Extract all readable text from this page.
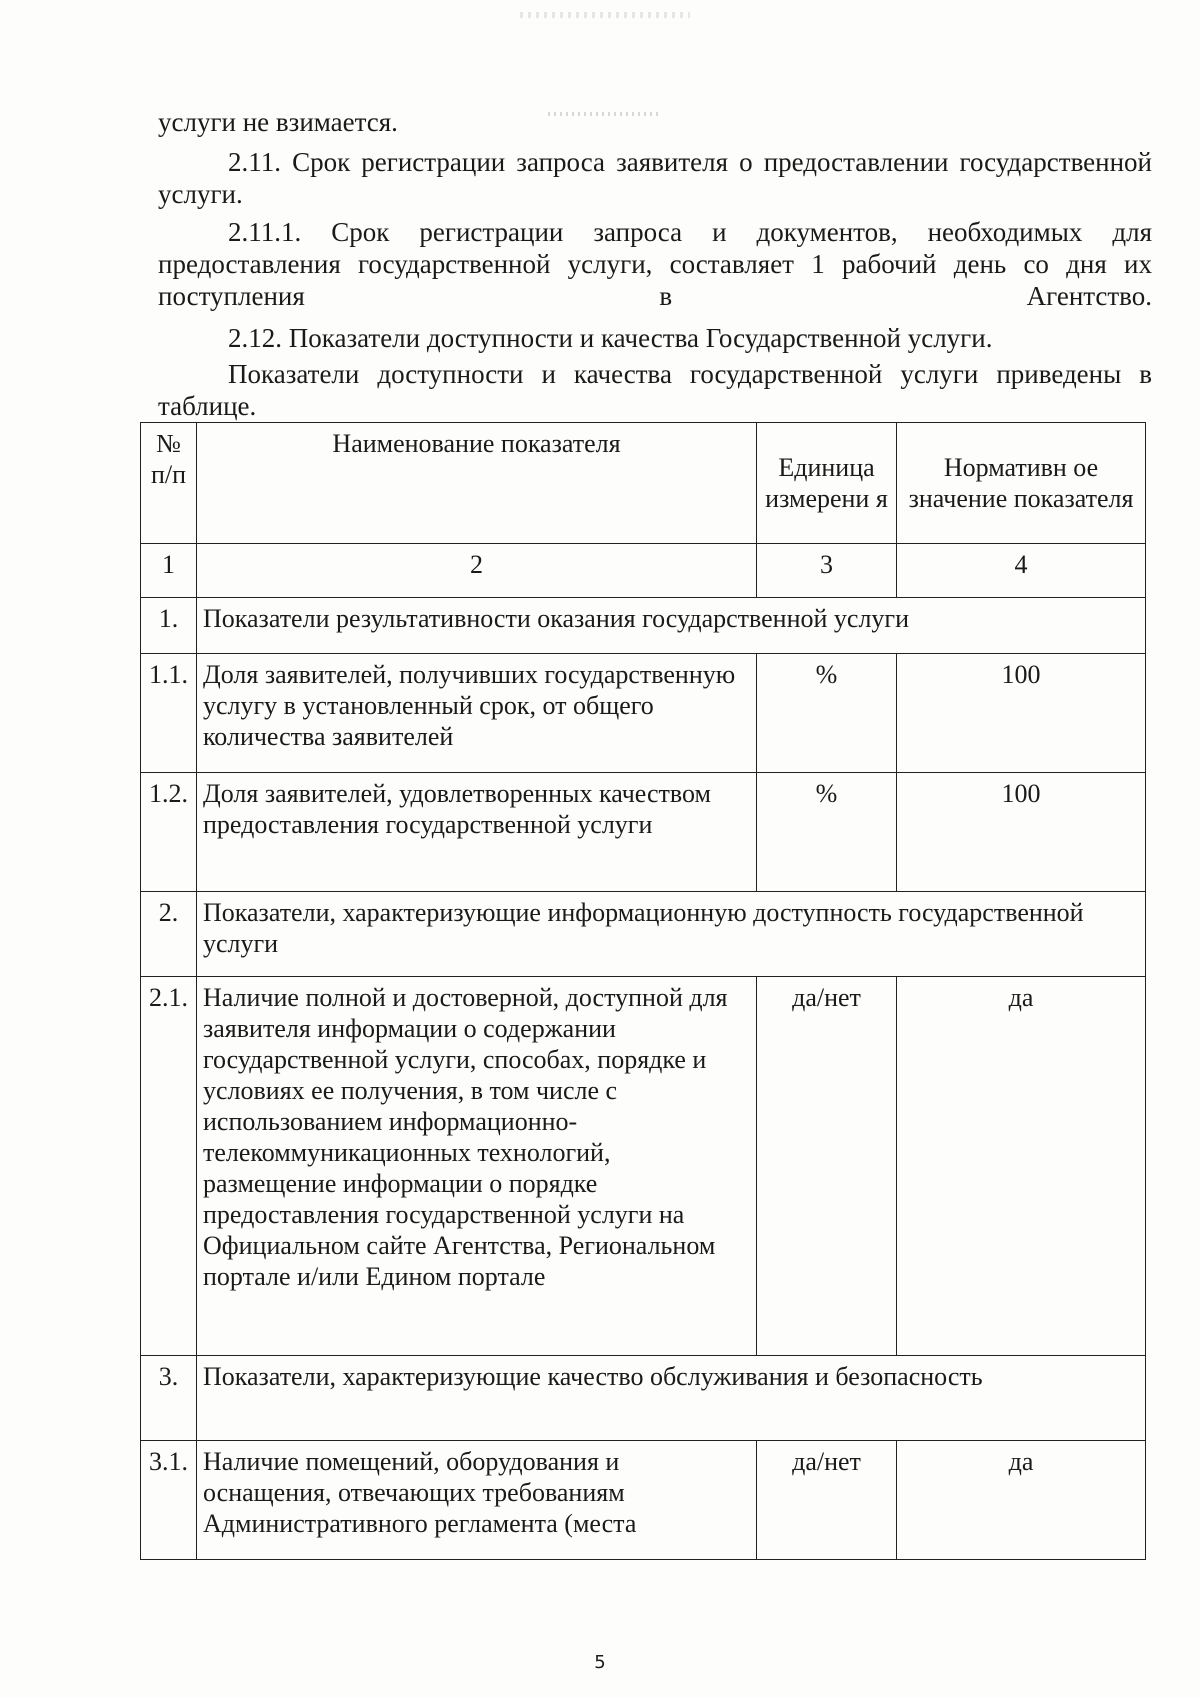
услуги не взимается.

2.11. Срок регистрации запроса заявителя о предоставлении государственной услуги.

2.11.1. Срок регистрации запроса и документов, необходимых для предоставления государственной услуги, составляет 1 рабочий день со дня их поступления в Агентство.

2.12. Показатели доступности и качества Государственной услуги.

Показатели доступности и качества государственной услуги приведены в таблице.

№ п/п	Наименование показателя	Единица измерени я	Нормативн ое значение показателя
1	2	3	4
1.	Показатели результативности оказания государственной услуги		
1.1.	Доля заявителей, получивших государственную услугу в установленный срок, от общего количества заявителей	%	100
1.2.	Доля заявителей, удовлетворенных качеством предоставления государственной услуги	%	100
2.	Показатели, характеризующие информационную доступность государственной услуги		
2.1.	Наличие полной и достоверной, доступной для заявителя информации о содержании государственной услуги, способах, порядке и условиях ее получения, в том числе с использованием информационно-телекоммуникационных технологий, размещение информации о порядке предоставления государственной услуги на Официальном сайте Агентства, Региональном портале и/или Едином портале	да/нет	да
3.	Показатели, характеризующие качество обслуживания и безопасность		
3.1.	Наличие помещений, оборудования и оснащения, отвечающих требованиям Административного регламента (места	да/нет	да
5
